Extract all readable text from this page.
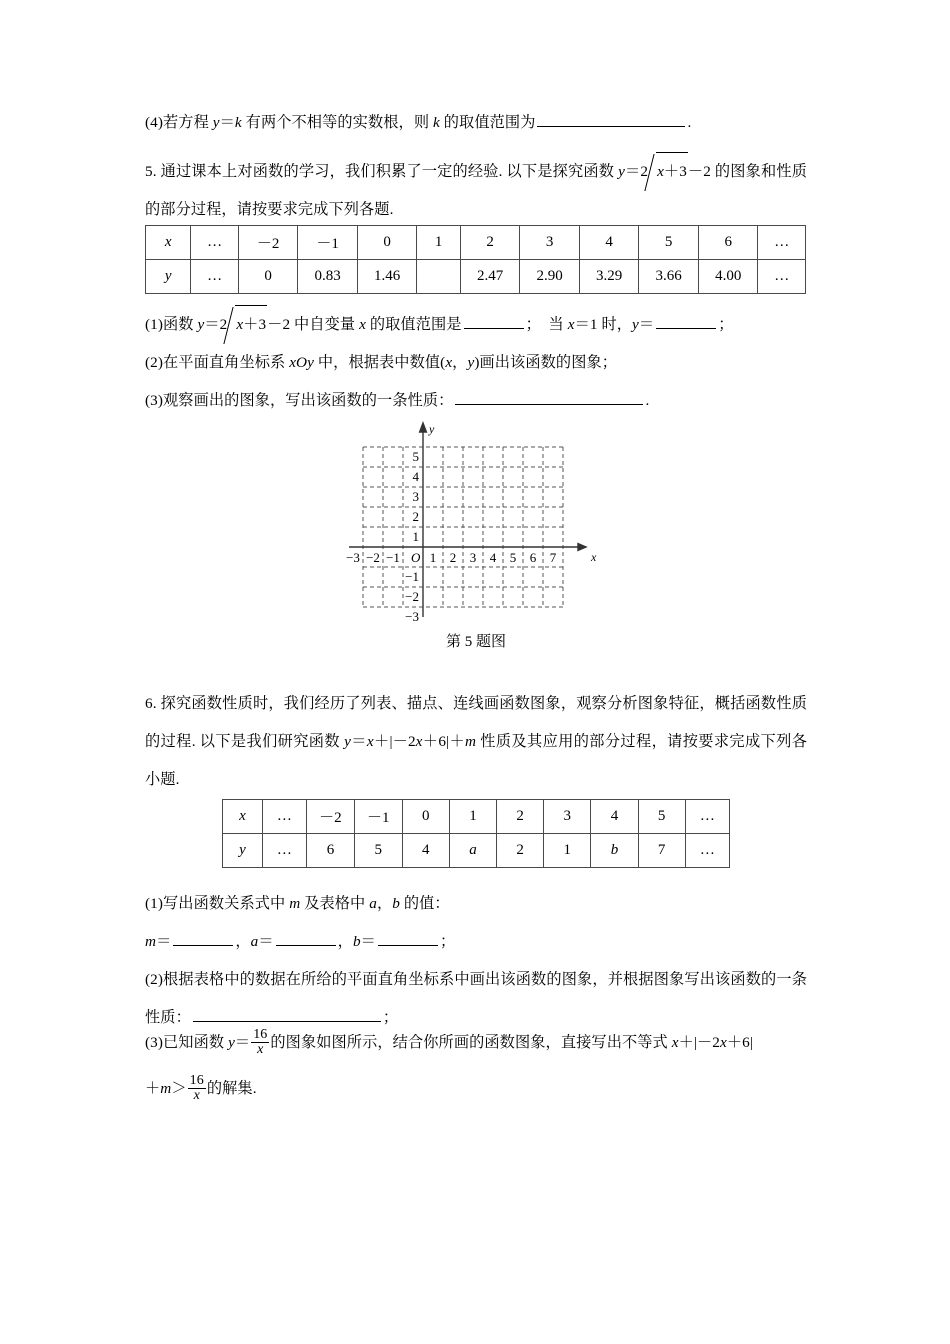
(4)若方程 y＝k 有两个不相等的实数根，则 k 的取值范围为	.

5. 通过课本上对函数的学习，我们积累了一定的经验. 以下是探究函数 y＝2 x＋3－2 的图象和性质的部分过程，请按要求完成下列各题.

x	…	－2	－1	0	1	2	3	4	5	6	…
y	…	0	0.83	1.46		2.47	2.90	3.29	3.66	4.00	…

(1)函数 y＝2 x＋3－2 中自变量 x 的取值范围是	；　当 x＝1 时，y＝	；

(2)在平面直角坐标系 xOy 中，根据表中数值(x，y)画出该函数的图象；

(3)观察画出的图象，写出该函数的一条性质：	.

x
y
O
−3 −2 −1 1 2 3 4 5 6 7
5
4
3
2
1
−1
−2
−3
第 5 题图

6. 探究函数性质时，我们经历了列表、描点、连线画函数图象，观察分析图象特征，概括函数性质的过程. 以下是我们研究函数 y＝x＋|－2x＋6|＋m 性质及其应用的部分过程，请按要求完成下列各小题.

x	…	－2	－1	0	1	2	3	4	5	…
y	…	6	5	4	a	2	1	b	7	…

(1)写出函数关系式中 m 及表格中 a，b 的值：

m＝	，a＝	，b＝	；

(2)根据表格中的数据在所给的平面直角坐标系中画出该函数的图象，并根据图象写出该函数的一条性质：	；

(3)已知函数 $y= \frac{16}{x}$ 的图象如图所示，结合你所画的函数图象，直接写出不等式 x＋|－2x＋6|

$+m> \frac{16}{x}$ 的解集.
